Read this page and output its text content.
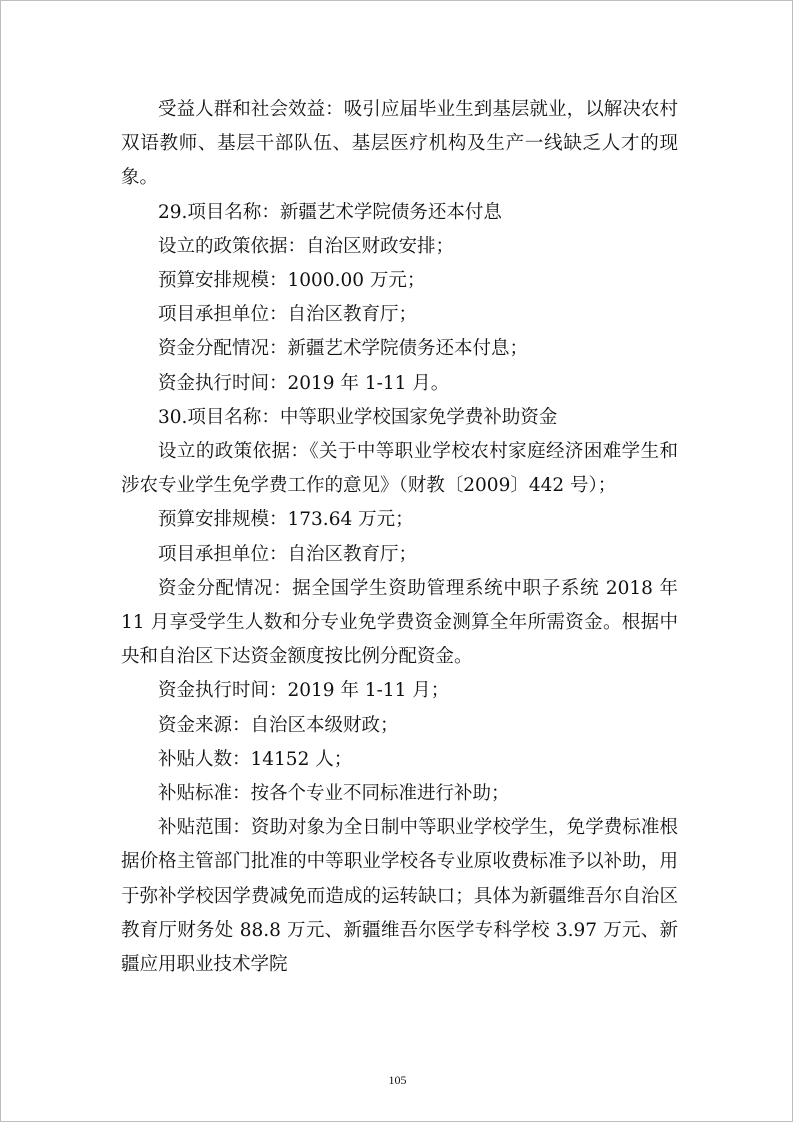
受益人群和社会效益：吸引应届毕业生到基层就业，以解决农村双语教师、基层干部队伍、基层医疗机构及生产一线缺乏人才的现象。

29.项目名称：新疆艺术学院债务还本付息

设立的政策依据：自治区财政安排；

预算安排规模：1000.00 万元；

项目承担单位：自治区教育厅；

资金分配情况：新疆艺术学院债务还本付息；

资金执行时间：2019 年 1-11 月。

30.项目名称：中等职业学校国家免学费补助资金

设立的政策依据：《关于中等职业学校农村家庭经济困难学生和涉农专业学生免学费工作的意见》（财教〔2009〕442 号）；

预算安排规模：173.64 万元；

项目承担单位：自治区教育厅；

资金分配情况：据全国学生资助管理系统中职子系统 2018 年 11 月享受学生人数和分专业免学费资金测算全年所需资金。根据中央和自治区下达资金额度按比例分配资金。

资金执行时间：2019 年 1-11 月；

资金来源：自治区本级财政；

补贴人数：14152 人；

补贴标准：按各个专业不同标准进行补助；

补贴范围：资助对象为全日制中等职业学校学生，免学费标准根据价格主管部门批准的中等职业学校各专业原收费标准予以补助，用于弥补学校因学费减免而造成的运转缺口；具体为新疆维吾尔自治区教育厅财务处 88.8 万元、新疆维吾尔医学专科学校 3.97 万元、新疆应用职业技术学院

105
